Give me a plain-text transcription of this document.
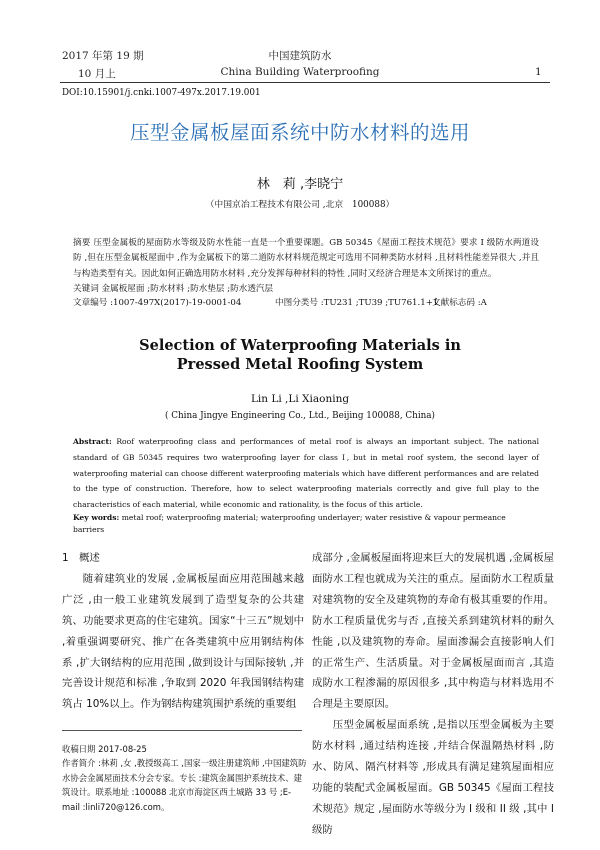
2017 年第 19 期
10 月上
中国建筑防水
China Building Waterproofing	1
DOI:10.15901/j.cnki.1007-497x.2017.19.001
压型金属板屋面系统中防水材料的选用
林　莉 ,李晓宁
（中国京冶工程技术有限公司 ,北京　100088）
摘要 压型金属板的屋面防水等级及防水性能一直是一个重要课题。GB 50345《屋面工程技术规范》要求 I 级防水两道设防 ,但在压型金属板屋面中 ,作为金属板下的第二道防水材料规范规定可选用不同种类防水材料 ,且材料性能差异很大 ,并且与构造类型有关。因此如何正确选用防水材料 ,充分发挥每种材料的特性 ,同时又经济合理是本文所探讨的重点。
关键词 金属板屋面 ;防水材料 ;防水垫层 ;防水透汽层
文章编号 :1007-497X(2017)-19-0001-04	中图分类号 :TU231 ;TU39 ;TU761.1+1
文献标志码 :A
Selection of Waterproofing Materials in
Pressed Metal Roofing System
Lin Li ,Li Xiaoning
( China Jingye Engineering Co., Ltd., Beijing 100088, China)
Abstract: Roof waterproofing class and performances of metal roof is always an important subject. The national standard of GB 50345 requires two waterproofing layer for class Ⅰ, but in metal roof system, the second layer of waterproofing material can choose different waterproofing materials which have different performances and are related to the type of construction. Therefore, how to select waterproofing materials correctly and give full play to the characteristics of each material, while economic and rationality, is the focus of this article.
Key words: metal roof; waterproofing material; waterproofing underlayer; water resistive & vapour permeance barriers

1　概述

随着建筑业的发展 ,金属板屋面应用范围越来越广泛 ,由一般工业建筑发展到了造型复杂的公共建筑、功能要求更高的住宅建筑。国家“十三五”规划中 ,着重强调要研究、推广在各类建筑中应用钢结构体系 ,扩大钢结构的应用范围 ,做到设计与国际接轨 ,并完善设计规范和标准 ,争取到 2020 年我国钢结构建筑占 10%以上。作为钢结构建筑围护系统的重要组

收稿日期 2017-08-25
作者简介 :林莉 ,女 ,教授级高工 ,国家一级注册建筑师 ,中国建筑防水协会金属屋面技术分会专家。专长 :建筑金属围护系统技术、建筑设计。联系地址 :100088 北京市海淀区西土城路 33 号 ;E-mail :linli720@126.com。

成部分 ,金属板屋面将迎来巨大的发展机遇 ,金属板屋面防水工程也就成为关注的重点。屋面防水工程质量对建筑物的安全及建筑物的寿命有极其重要的作用。防水工程质量优劣与否 ,直接关系到建筑材料的耐久性能 ,以及建筑物的寿命。屋面渗漏会直接影响人们的正常生产、生活质量。对于金属板屋面而言 ,其造成防水工程渗漏的原因很多 ,其中构造与材料选用不合理是主要原因。

压型金属板屋面系统 ,是指以压型金属板为主要防水材料 ,通过结构连接 ,并结合保温隔热材料 ,防水、防风、隔汽材料等 ,形成具有满足建筑屋面相应功能的装配式金属板屋面。GB 50345《屋面工程技术规范》规定 ,屋面防水等级分为 I 级和 II 级 ,其中 I 级防
